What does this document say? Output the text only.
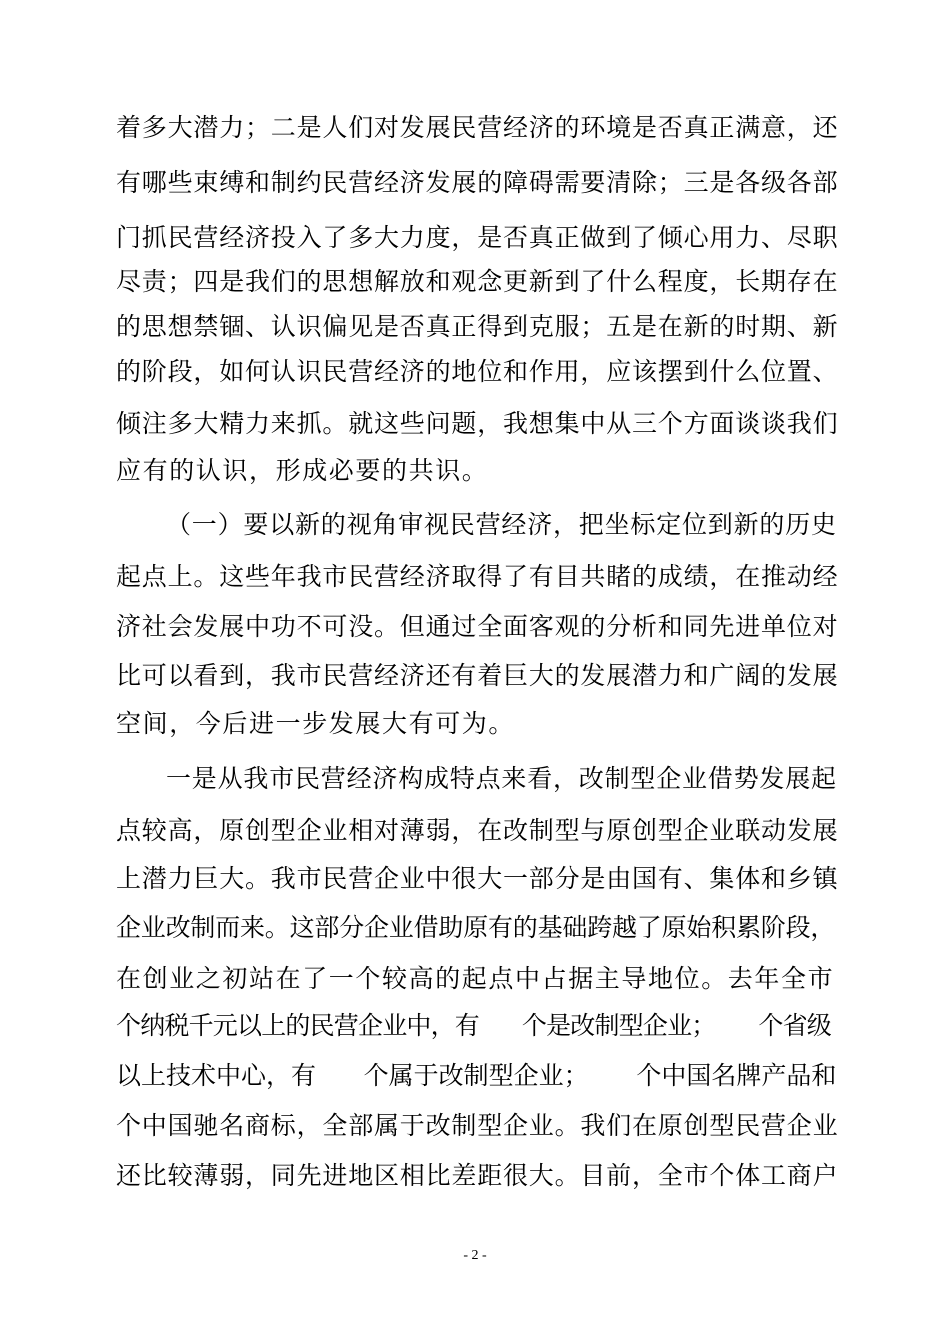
着多大潜力；二是人们对发展民营经济的环境是否真正满意，还
有哪些束缚和制约民营经济发展的障碍需要清除；三是各级各部
门抓民营经济投入了多大力度，是否真正做到了倾心用力、尽职
尽责；四是我们的思想解放和观念更新到了什么程度，长期存在
的思想禁锢、认识偏见是否真正得到克服；五是在新的时期、新
的阶段，如何认识民营经济的地位和作用，应该摆到什么位置、
倾注多大精力来抓。就这些问题，我想集中从三个方面谈谈我们
应有的认识，形成必要的共识。
（一）要以新的视角审视民营经济，把坐标定位到新的历史
起点上。这些年我市民营经济取得了有目共睹的成绩，在推动经
济社会发展中功不可没。但通过全面客观的分析和同先进单位对
比可以看到，我市民营经济还有着巨大的发展潜力和广阔的发展
空间，今后进一步发展大有可为。
一是从我市民营经济构成特点来看，改制型企业借势发展起
点较高，原创型企业相对薄弱，在改制型与原创型企业联动发展
上潜力巨大。我市民营企业中很大一部分是由国有、集体和乡镇
企业改制而来。这部分企业借助原有的基础跨越了原始积累阶段，
在创业之初站在了一个较高的起点中占据主导地位。去年全市
个纳税千元以上的民营企业中，有      个是改制型企业；      个省级
以上技术中心，有      个属于改制型企业；      个中国名牌产品和
个中国驰名商标，全部属于改制型企业。我们在原创型民营企业
还比较薄弱，同先进地区相比差距很大。目前，全市个体工商户
- 2 -
